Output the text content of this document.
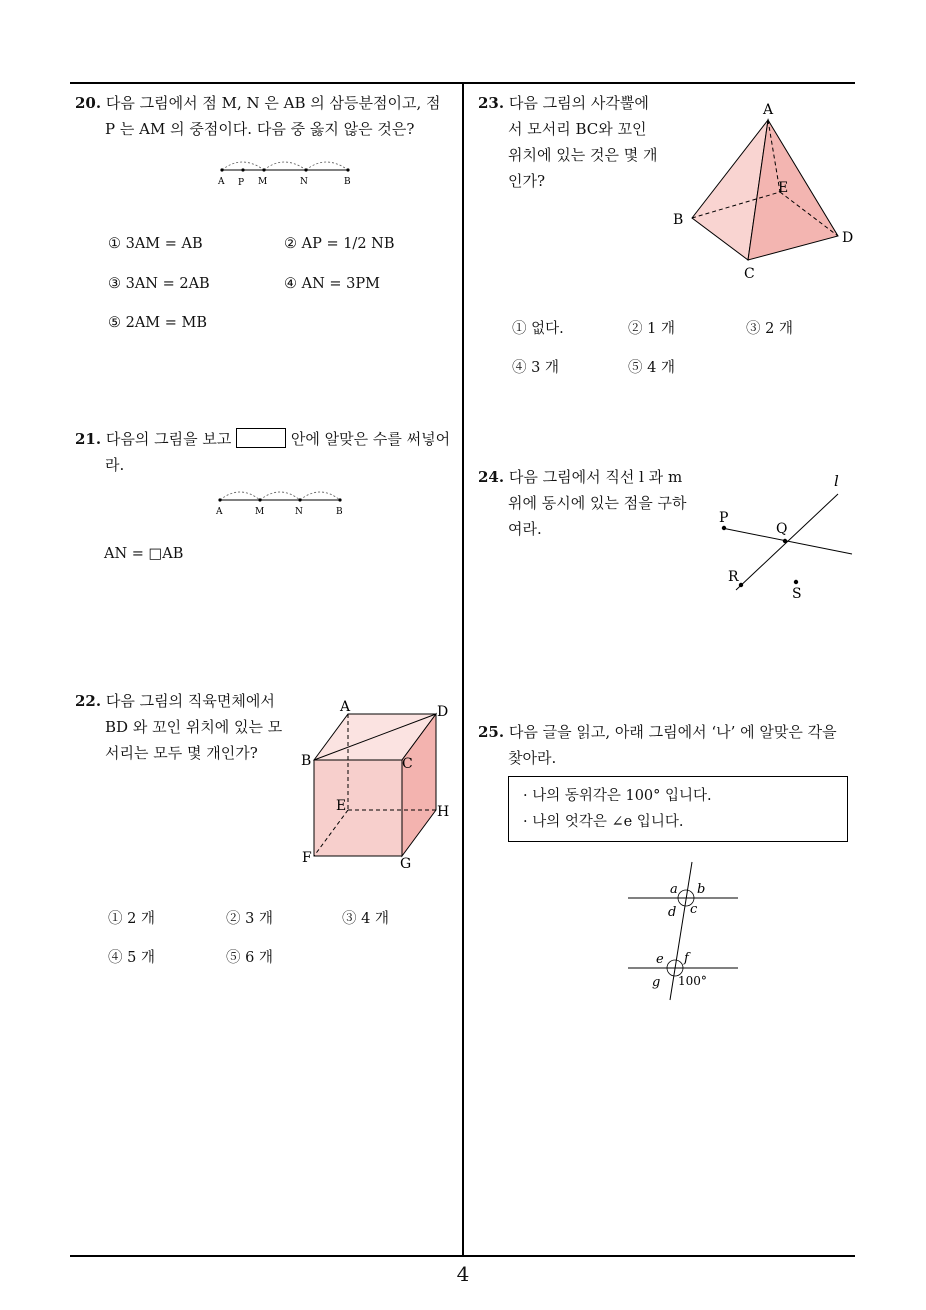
20. 다음 그림에서 점 M, N 은 AB 의 삼등분점이고, 점
P 는 AM 의 중점이다. 다음 중 옳지 않은 것은?
A P M	N	B
① 3AM = AB	② AP = 1/2 NB
③ 3AN = 2AB	④ AN = 3PM
⑤ 2AM = MB
21. 다음의 그림을 보고	안에 알맞은 수를 써넣어
라.
A	M	N	B
AN = □AB
22. 다음 그림의 직육면체에서
BD 와 꼬인 위치에 있는 모
서리는 모두 몇 개인가?
A	D
B	C
E	H
F	G
① 2 개	② 3 개	③ 4 개
④ 5 개	⑤ 6 개
23. 다음 그림의 사각뿔에
서 모서리 BC와 꼬인
위치에 있는 것은 몇 개
인가?
A
E
B
D
C
① 없다.	② 1 개	③ 2 개
④ 3 개	⑤ 4 개
24. 다음 그림에서 직선 l 과 m
위에 동시에 있는 점을 구하
여라.
l
P
Q
R
S
25. 다음 글을 읽고, 아래 그림에서 ‘나’ 에 알맞은 각을
찾아라.
· 나의 동위각은 100° 입니다.
· 나의 엇각은 ∠e 입니다.
a b
d c
e f
g 100°
4
